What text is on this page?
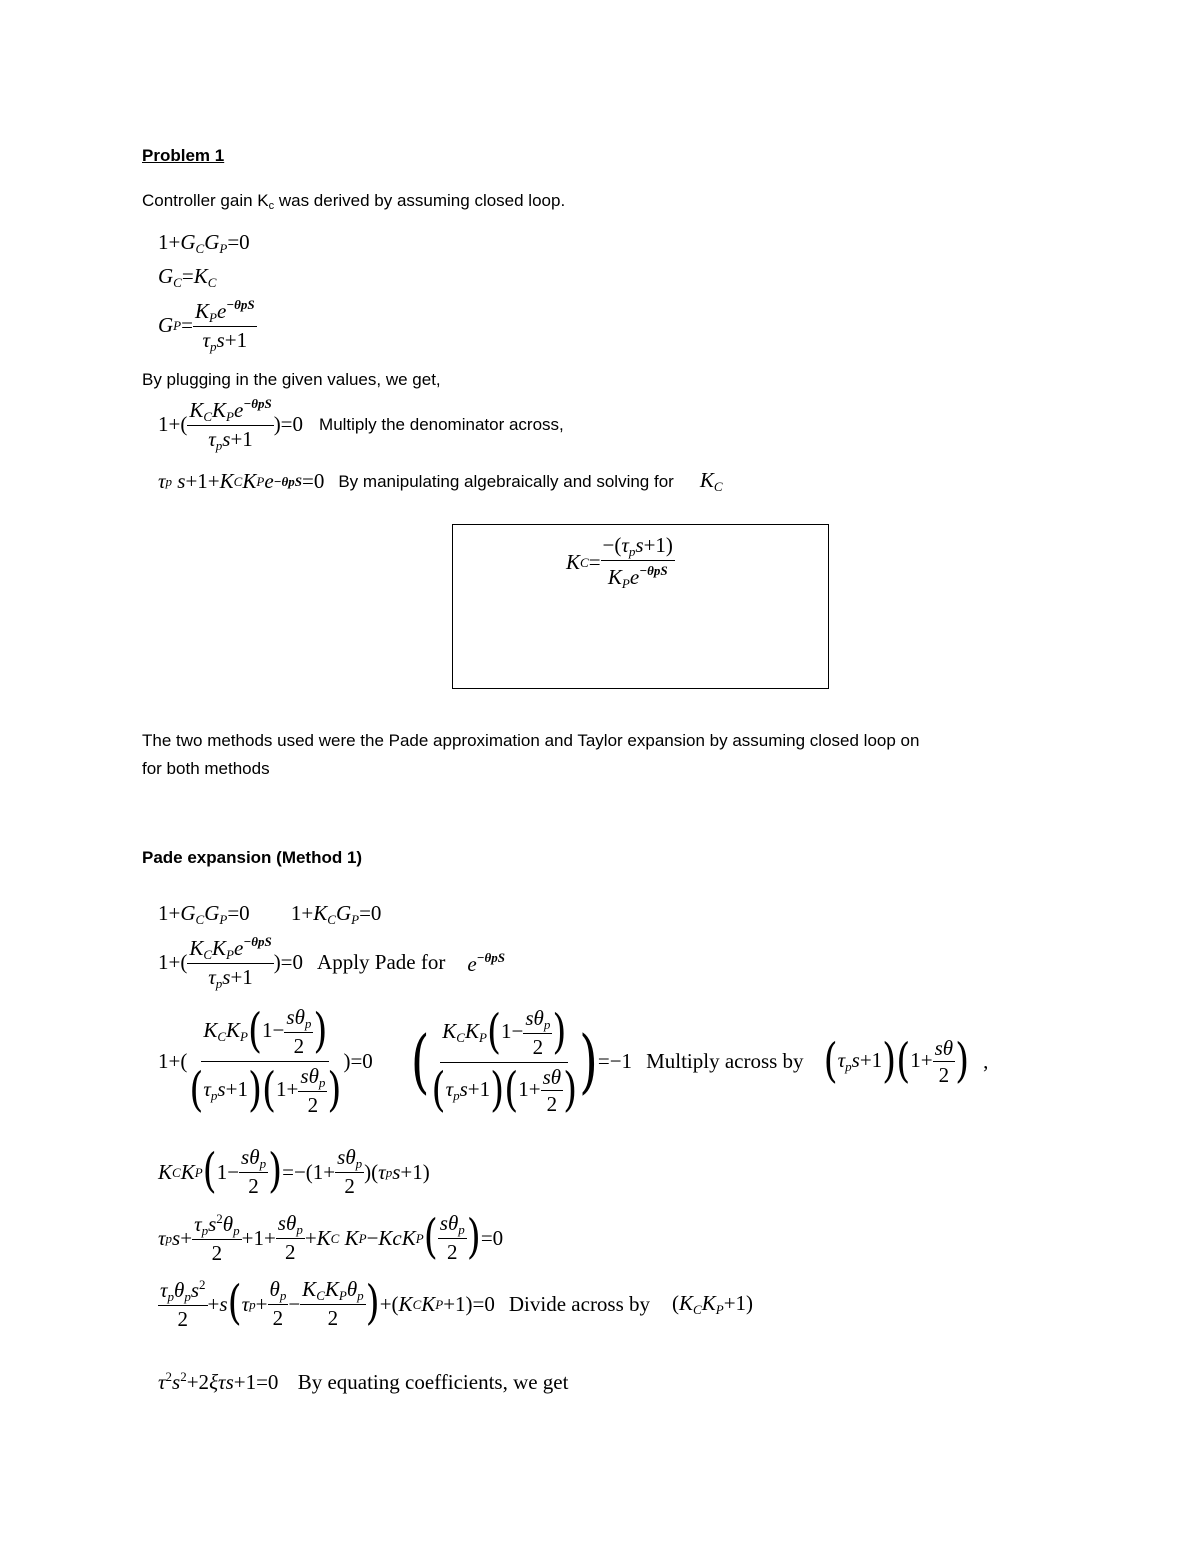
Problem 1
Controller gain Kc was derived by assuming closed loop.
$1+G_CG_P=0$
$G_C=K_C$
G $P = \frac{K_Pe^{-\theta pS}}{\tau_ps+1}$
By plugging in the given values, we get,
$1+( \frac{K_CK_Pe^{-\theta pS}}{\tau_ps+1} )=0$ Multiply the denominator across,
τ p
s +1+ K C K P e −θpS =0 By manipulating algebraically and solving for $K_C$
K $C = \frac{-(\tau_ps+1)}{K_Pe^{-\theta pS}}$
The two methods used were the Pade approximation and Taylor expansion by assuming closed loop on
for both methods
Pade expansion (Method 1)
$1+G_CG_P=0$ $1+K_CG_P=0$
$1+( \frac{K_CK_Pe^{-\theta pS}}{\tau_ps+1} )=0$ Apply Pade for $e^{-\theta pS}$
$1+( \frac{K_CK_P(1- \frac{s\theta_p}{2} )}{(\tau_ps+1)(1+ \frac{s\theta_p}{2} )} )=0$ ( $\frac{K_CK_P(1- \frac{s\theta_p}{2} )}{(\tau_ps+1)(1+ \frac{s\theta}{2} )}$ ) =−1 Multiply across by $(\tau_ps+1)(1+ \frac{s\theta}{2}$ ) ,
K C K P ( $1- \frac{s\theta_p}{2}$ ) $=-(1+ \frac{s\theta_p}{2}$ )( τ p s +1)
τ p $s + \frac{\tau_ps^2\theta_p}{2} +1+ \frac{s\theta_p}{2} + K$ C
K P − KcK P ( $\frac{s\theta_p}{2}$ ) =0
$\frac{\tau_p\theta_ps^2}{2} + s$ ( τ $p + \frac{\theta_p}{2} - \frac{K_CK_P\theta_p}{2}$ ) +( K C K P +1)=0 Divide across by $(K_CK_P+1)$
$\tau^2s^2+2\xi\tau s+1=0$ By equating coefficients, we get
